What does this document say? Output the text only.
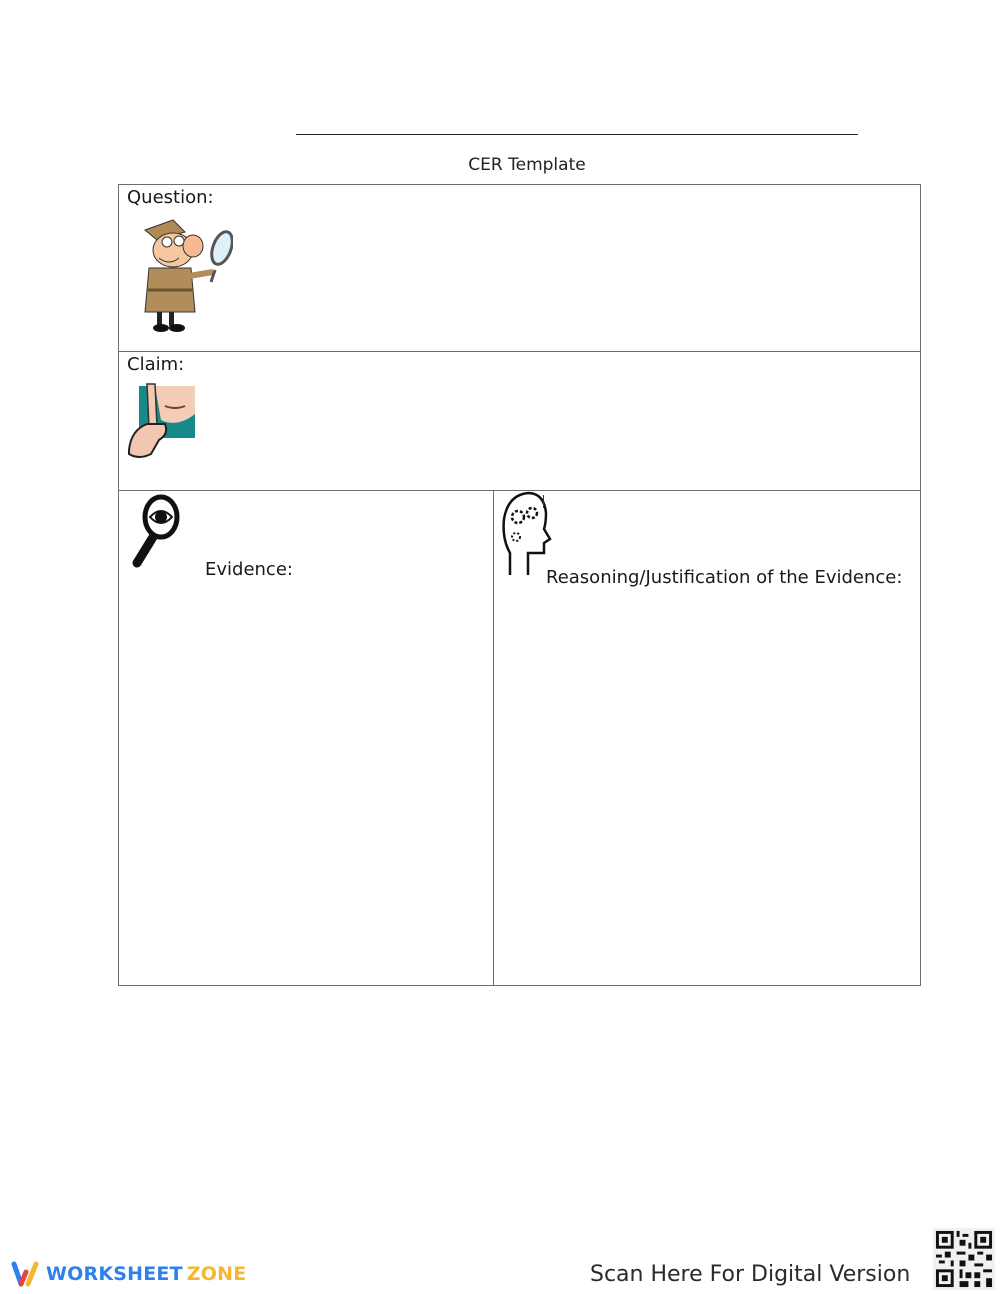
CER Template
Question:
Claim:
Evidence:	Reasoning/Justification of the Evidence:
WORKSHEET ZONE	Scan Here For Digital Version
